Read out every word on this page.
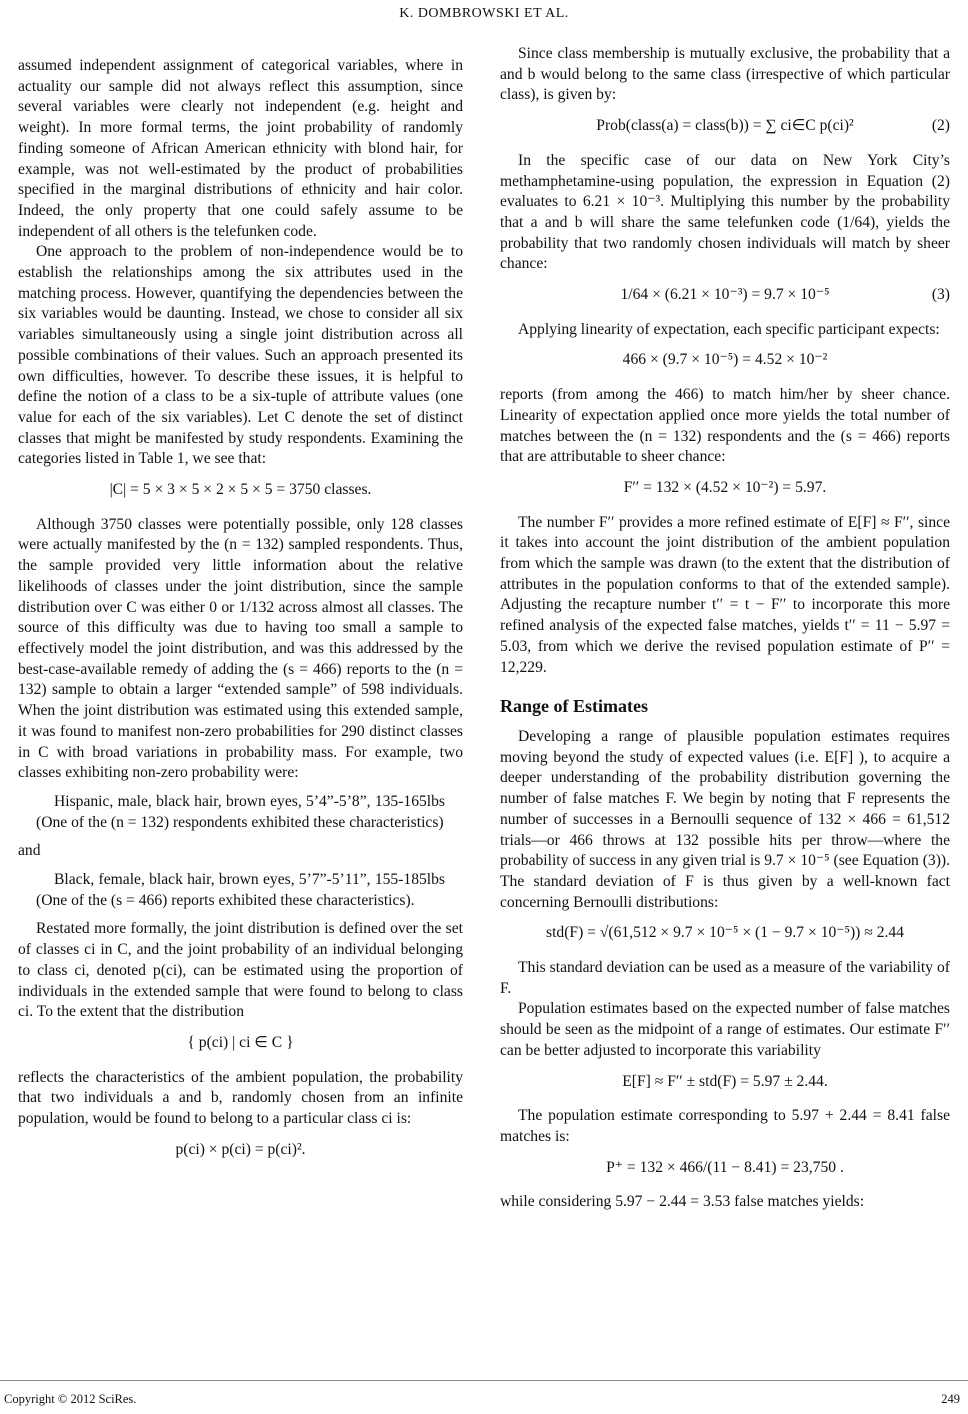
K. DOMBROWSKI ET AL.

assumed independent assignment of categorical variables, where in actuality our sample did not always reflect this assumption, since several variables were clearly not independent (e.g. height and weight). In more formal terms, the joint probability of randomly finding someone of African American ethnicity with blond hair, for example, was not well-estimated by the product of probabilities specified in the marginal distributions of ethnicity and hair color. Indeed, the only property that one could safely assume to be independent of all others is the telefunken code.

One approach to the problem of non-independence would be to establish the relationships among the six attributes used in the matching process. However, quantifying the dependencies between the six variables would be daunting. Instead, we chose to consider all six variables simultaneously using a single joint distribution across all possible combinations of their values. Such an approach presented its own difficulties, however. To describe these issues, it is helpful to define the notion of a class to be a six-tuple of attribute values (one value for each of the six variables). Let C denote the set of distinct classes that might be manifested by study respondents. Examining the categories listed in Table 1, we see that:

|C| = 5 × 3 × 5 × 2 × 5 × 5 = 3750 classes.

Although 3750 classes were potentially possible, only 128 classes were actually manifested by the (n = 132) sampled respondents. Thus, the sample provided very little information about the relative likelihoods of classes under the joint distribution, since the sample distribution over C was either 0 or 1/132 across almost all classes. The source of this difficulty was due to having too small a sample to effectively model the joint distribution, and was this addressed by the best-case-available remedy of adding the (s = 466) reports to the (n = 132) sample to obtain a larger “extended sample” of 598 individuals. When the joint distribution was estimated using this extended sample, it was found to manifest non-zero probabilities for 290 distinct classes in C with broad variations in probability mass. For example, two classes exhibiting non-zero probability were:

Hispanic, male, black hair, brown eyes, 5’4”-5’8”, 135-165lbs (One of the (n = 132) respondents exhibited these characteristics)

and

Black, female, black hair, brown eyes, 5’7”-5’11”, 155-185lbs (One of the (s = 466) reports exhibited these characteristics).

Restated more formally, the joint distribution is defined over the set of classes ci in C, and the joint probability of an individual belonging to class ci, denoted p(ci), can be estimated using the proportion of individuals in the extended sample that were found to belong to class ci. To the extent that the distribution

{ p(ci) | ci ∈ C }

reflects the characteristics of the ambient population, the probability that two individuals a and b, randomly chosen from an infinite population, would be found to belong to a particular class ci is:

p(ci) × p(ci) = p(ci)².

Since class membership is mutually exclusive, the probability that a and b would belong to the same class (irrespective of which particular class), is given by:

Prob(class(a) = class(b)) = ∑ ci∈C p(ci)²	(2)

In the specific case of our data on New York City’s methamphetamine-using population, the expression in Equation (2) evaluates to 6.21 × 10⁻³. Multiplying this number by the probability that a and b will share the same telefunken code (1/64), yields the probability that two randomly chosen individuals will match by sheer chance:

1/64 × (6.21 × 10⁻³) = 9.7 × 10⁻⁵	(3)

Applying linearity of expectation, each specific participant expects:

466 × (9.7 × 10⁻⁵) = 4.52 × 10⁻²

reports (from among the 466) to match him/her by sheer chance. Linearity of expectation applied once more yields the total number of matches between the (n = 132) respondents and the (s = 466) reports that are attributable to sheer chance:

F′′ = 132 × (4.52 × 10⁻²) = 5.97.

The number F′′ provides a more refined estimate of E[F] ≈ F′′, since it takes into account the joint distribution of the ambient population from which the sample was drawn (to the extent that the distribution of attributes in the population conforms to that of the extended sample). Adjusting the recapture number t′′ = t − F′′ to incorporate this more refined analysis of the expected false matches, yields t′′ = 11 − 5.97 = 5.03, from which we derive the revised population estimate of P′′ = 12,229.

Range of Estimates

Developing a range of plausible population estimates requires moving beyond the study of expected values (i.e. E[F] ), to acquire a deeper understanding of the probability distribution governing the number of false matches F. We begin by noting that F represents the number of successes in a Bernoulli sequence of 132 × 466 = 61,512 trials—or 466 throws at 132 possible hits per throw—where the probability of success in any given trial is 9.7 × 10⁻⁵ (see Equation (3)). The standard deviation of F is thus given by a well-known fact concerning Bernoulli distributions:

std(F) = √(61,512 × 9.7 × 10⁻⁵ × (1 − 9.7 × 10⁻⁵)) ≈ 2.44

This standard deviation can be used as a measure of the variability of F.

Population estimates based on the expected number of false matches should be seen as the midpoint of a range of estimates. Our estimate F′′ can be better adjusted to incorporate this variability

E[F] ≈ F′′ ± std(F) = 5.97 ± 2.44.

The population estimate corresponding to 5.97 + 2.44 = 8.41 false matches is:

P⁺ = 132 × 466/(11 − 8.41) = 23,750 .

while considering 5.97 − 2.44 = 3.53 false matches yields:

Copyright © 2012 SciRes.	249
